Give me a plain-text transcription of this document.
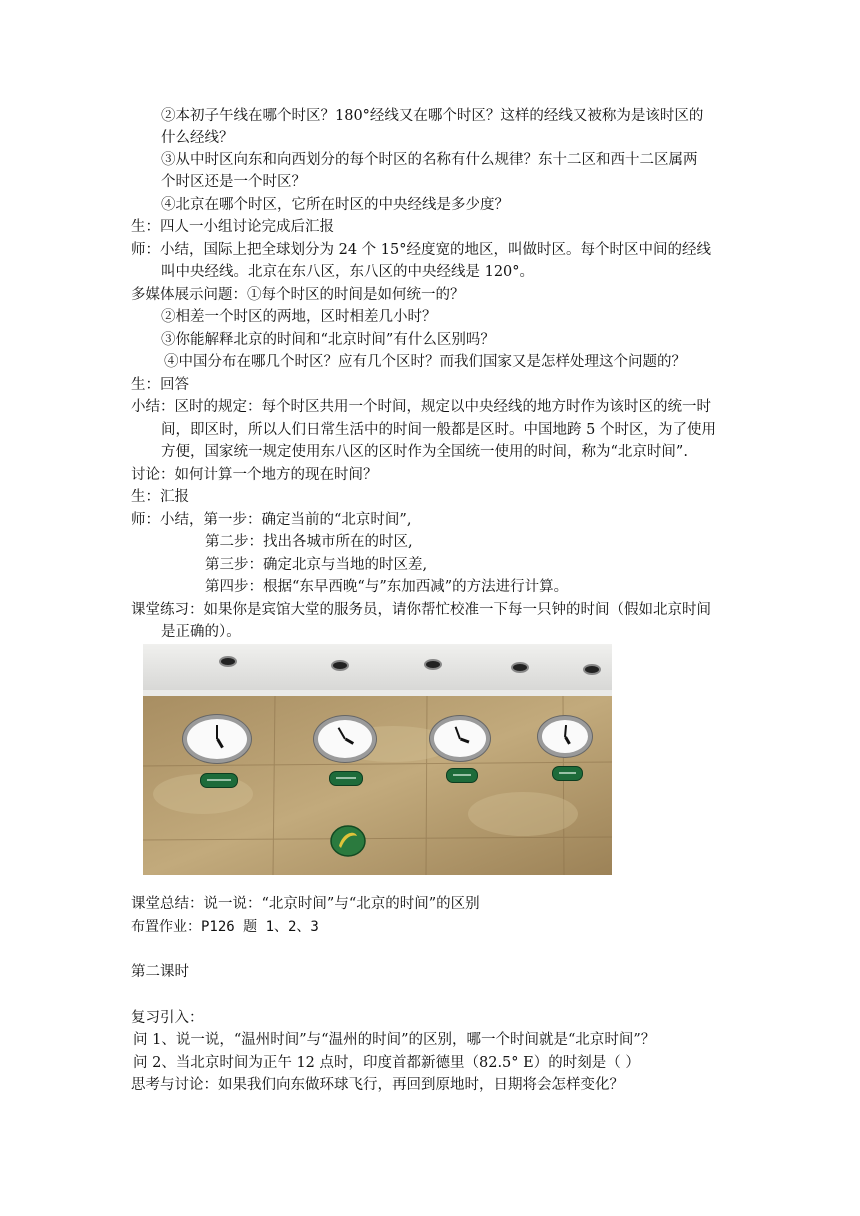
②本初子午线在哪个时区？180°经线又在哪个时区？这样的经线又被称为是该时区的
什么经线？
③从中时区向东和向西划分的每个时区的名称有什么规律？东十二区和西十二区属两
个时区还是一个时区？
④北京在哪个时区，它所在时区的中央经线是多少度？
生：四人一小组讨论完成后汇报
师：小结，国际上把全球划分为 24 个 15°经度宽的地区，叫做时区。每个时区中间的经线
叫中央经线。北京在东八区，东八区的中央经线是 120°。
多媒体展示问题：①每个时区的时间是如何统一的？
②相差一个时区的两地，区时相差几小时？
③你能解释北京的时间和“北京时间”有什么区别吗？
④中国分布在哪几个时区？应有几个区时？而我们国家又是怎样处理这个问题的？
生：回答
小结：区时的规定：每个时区共用一个时间，规定以中央经线的地方时作为该时区的统一时
间，即区时，所以人们日常生活中的时间一般都是区时。中国地跨 5 个时区，为了使用
方便，国家统一规定使用东八区的区时作为全国统一使用的时间，称为“北京时间”.
讨论：如何计算一个地方的现在时间？
生：汇报
师：小结，第一步：确定当前的“北京时间”,
第二步：找出各城市所在的时区,
第三步：确定北京与当地的时区差,
第四步：根据“东早西晚“与”东加西减”的方法进行计算。
课堂练习：如果你是宾馆大堂的服务员，请你帮忙校准一下每一只钟的时间（假如北京时间
是正确的）。
课堂总结：说一说：“北京时间”与“北京的时间”的区别
布置作业：P126 题 1、2、3
第二课时
复习引入：
问 1、说一说，“温州时间”与“温州的时间”的区别，哪一个时间就是“北京时间”？
问 2、当北京时间为正午 12 点时，印度首都新德里（82.5° E）的时刻是（ ）
思考与讨论：如果我们向东做环球飞行，再回到原地时，日期将会怎样变化？
